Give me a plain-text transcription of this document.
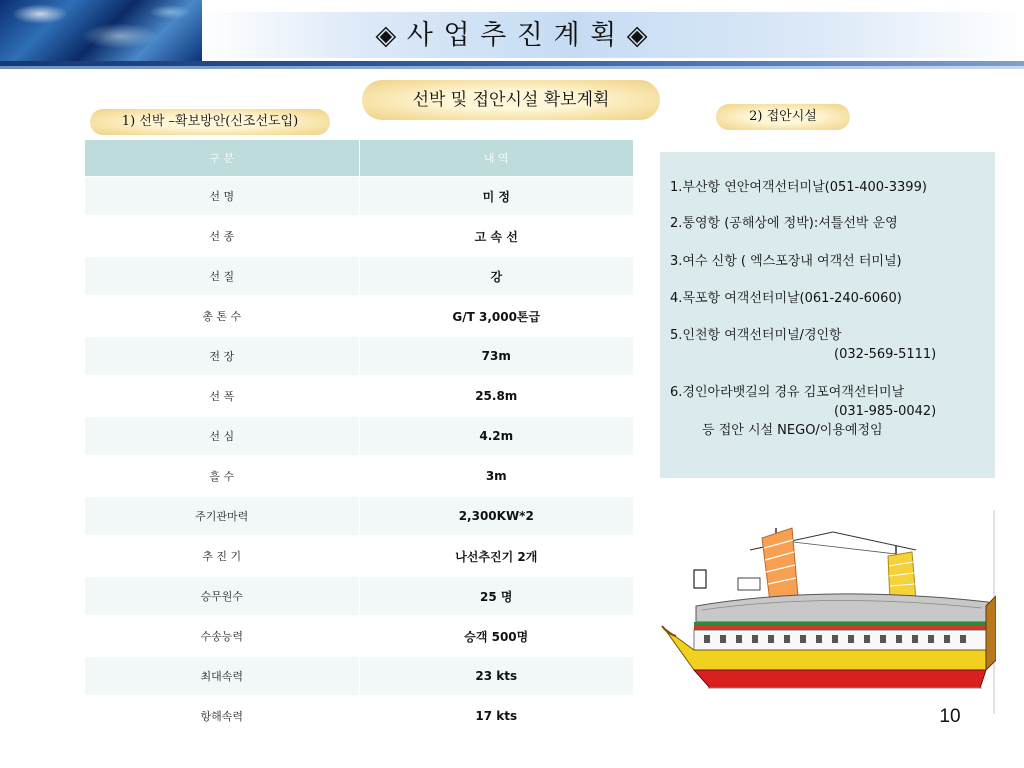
◈ 사 업 추 진 계 획 ◈
선박 및 접안시설 확보계획
1) 선박 –확보방안(신조선도입)	2) 접안시설
구 분	내 역
선 명	미 정
선 종	고 속 선
선 질	강
총 톤 수	G/T 3,000톤급
전 장	73m
선 폭	25.8m
선 심	4.2m
흘 수	3m
주기관마력	2,300KW*2
추 진 기	나선추진기 2개
승무원수	25 명
수송능력	승객 500명
최대속력	23 kts
항해속력	17 kts

1.부산항 연안여객선터미날(051-400-3399)

2.통영항 (공해상에 정박):셔틀선박 운영

3.여수 신항 ( 엑스포장내 여객선 터미널)

4.목포항 여객선터미날(061-240-6060)

5.인천항 여객선터미널/경인항

(032-569-5111)

6.경인아라뱃길의 경유 김포여객선터미날

(031-985-0042)

등 접안 시설 NEGO/이용예정임

10
